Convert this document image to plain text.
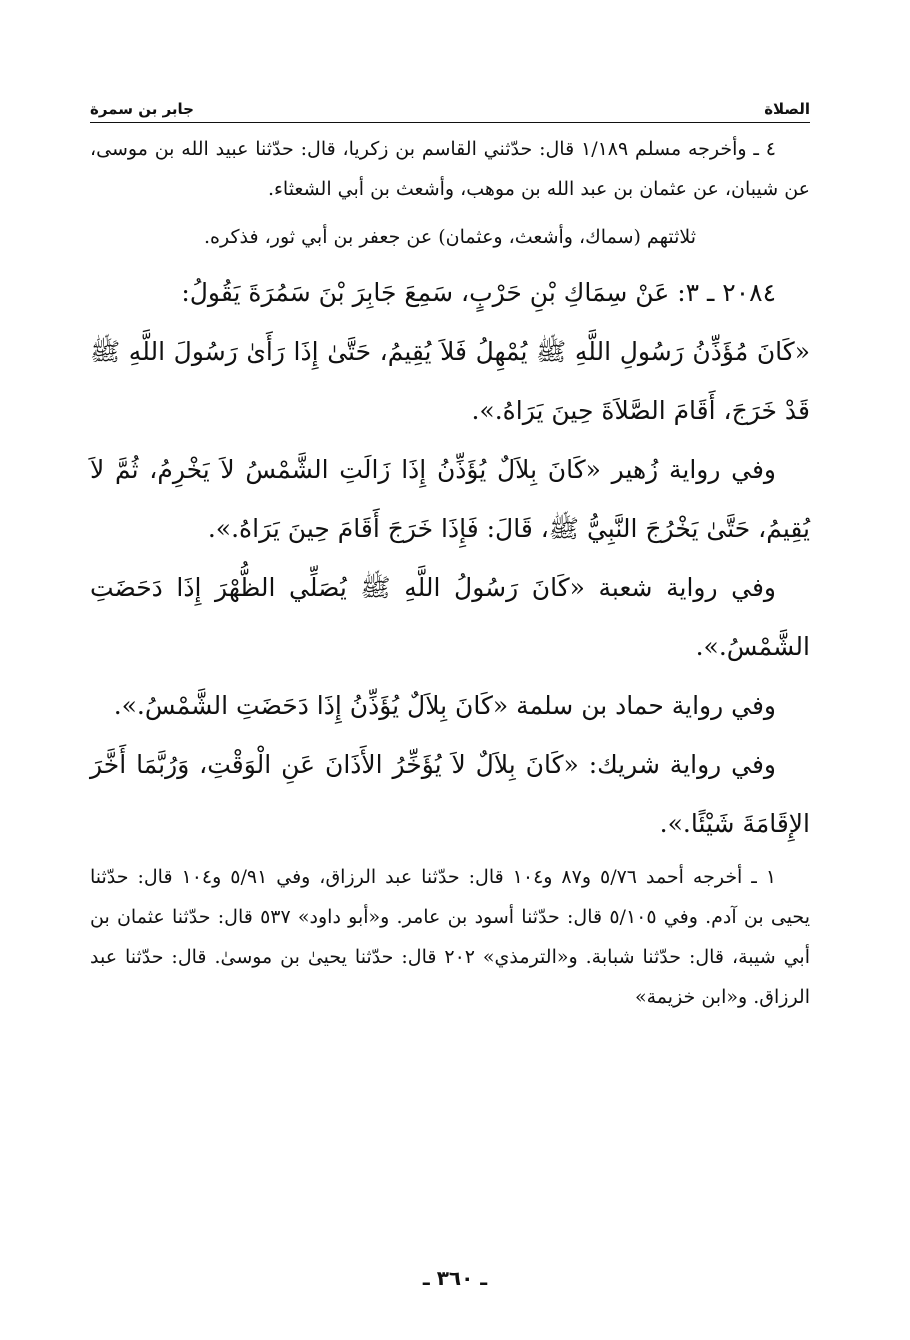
الصلاة
جابر بن سمرة

٤ ـ وأخرجه مسلم ١/١٨٩ قال: حدّثني القاسم بن زكريا، قال: حدّثنا عبيد الله بن موسى، عن شيبان، عن عثمان بن عبد الله بن موهب، وأشعث بن أبي الشعثاء.

ثلاثتهم (سماك، وأشعث، وعثمان) عن جعفر بن أبي ثور، فذكره.

٢٠٨٤ ـ ٣: عَنْ سِمَاكِ بْنِ حَرْبٍ، سَمِعَ جَابِرَ بْنَ سَمُرَةَ يَقُولُ:

«كَانَ مُؤَذِّنُ رَسُولِ اللَّهِ ﷺ يُمْهِلُ فَلاَ يُقِيمُ، حَتَّىٰ إِذَا رَأَىٰ رَسُولَ اللَّهِ ﷺ قَدْ خَرَجَ، أَقَامَ الصَّلاَةَ حِينَ يَرَاهُ.».

وفي رواية زُهير «كَانَ بِلاَلٌ يُؤَذِّنُ إِذَا زَالَتِ الشَّمْسُ لاَ يَخْرِمُ، ثُمَّ لاَ يُقِيمُ، حَتَّىٰ يَخْرُجَ النَّبِيُّ ﷺ، قَالَ: فَإِذَا خَرَجَ أَقَامَ حِينَ يَرَاهُ.».

وفي رواية شعبة «كَانَ رَسُولُ اللَّهِ ﷺ يُصَلِّي الظُّهْرَ إِذَا دَحَضَتِ الشَّمْسُ.».

وفي رواية حماد بن سلمة «كَانَ بِلاَلٌ يُؤَذِّنُ إِذَا دَحَضَتِ الشَّمْسُ.».

وفي رواية شريك: «كَانَ بِلاَلٌ لاَ يُؤَخِّرُ الأَذَانَ عَنِ الْوَقْتِ، وَرُبَّمَا أَخَّرَ الإِقَامَةَ شَيْئًا.».

١ ـ أخرجه أحمد ٥/٧٦ و٨٧ و١٠٤ قال: حدّثنا عبد الرزاق، وفي ٥/٩١ و١٠٤ قال: حدّثنا يحيى بن آدم. وفي ٥/١٠٥ قال: حدّثنا أسود بن عامر. و«أبو داود» ٥٣٧ قال: حدّثنا عثمان بن أبي شيبة، قال: حدّثنا شبابة. و«الترمذي» ٢٠٢ قال: حدّثنا يحيىٰ بن موسىٰ. قال: حدّثنا عبد الرزاق. و«ابن خزيمة»

ـ ٣٦٠ ـ
